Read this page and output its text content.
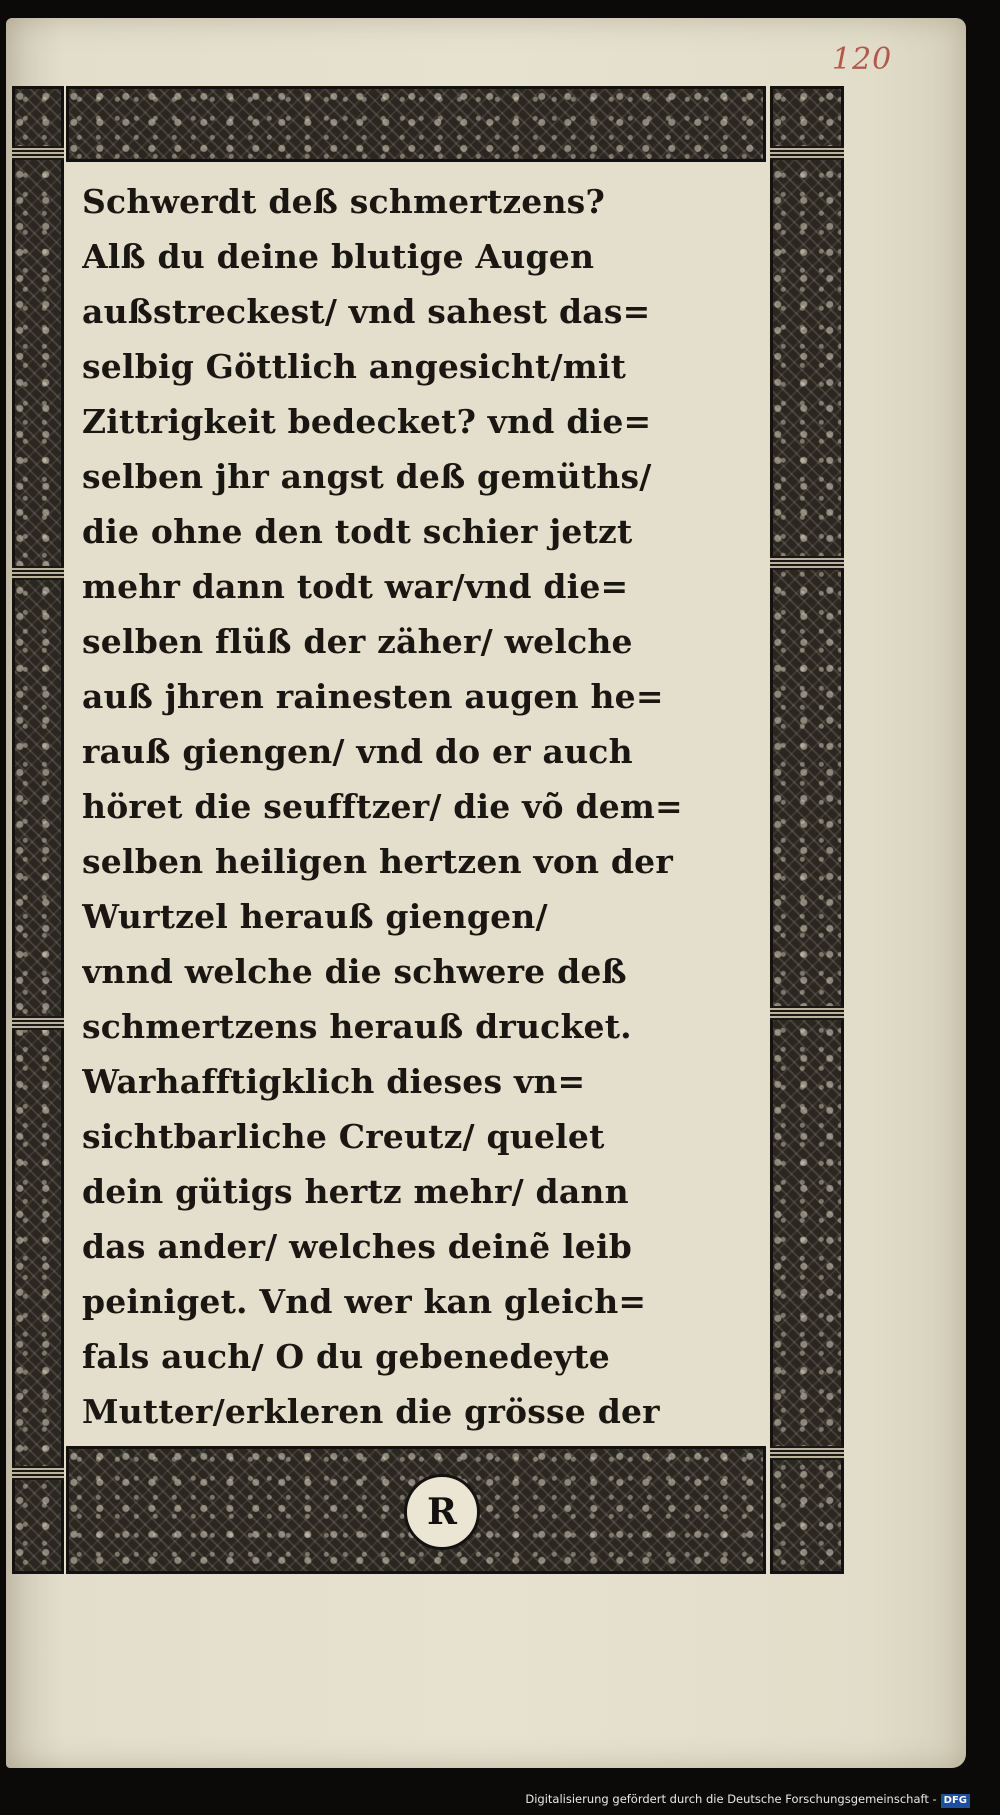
120
Schwerdt deß schmertzens?
Alß du deine blutige Augen
außstreckest/ vnd sahest das=
selbig Göttlich angesicht/mit
Zittrigkeit bedecket? vnd die=
selben jhr angst deß gemüths/
die ohne den todt schier jetzt
mehr dann todt war/vnd die=
selben flüß der zäher/ welche
auß jhren rainesten augen he=
rauß giengen/ vnd do er auch
höret die seufftzer/ die võ dem=
selben heiligen hertzen von der
Wurtzel herauß giengen/
vnnd welche die schwere deß
schmertzens herauß drucket.
Warhafftigklich dieses vn=
sichtbarliche Creutz/ quelet
dein gütigs hertz mehr/ dann
das ander/ welches deinẽ leib
peiniget. Vnd wer kan gleich=
fals auch/ O du gebenedeyte
Mutter/erkleren die grösse der
R
Digitalisierung gefördert durch die Deutsche Forschungsgemeinschaft - DFG
